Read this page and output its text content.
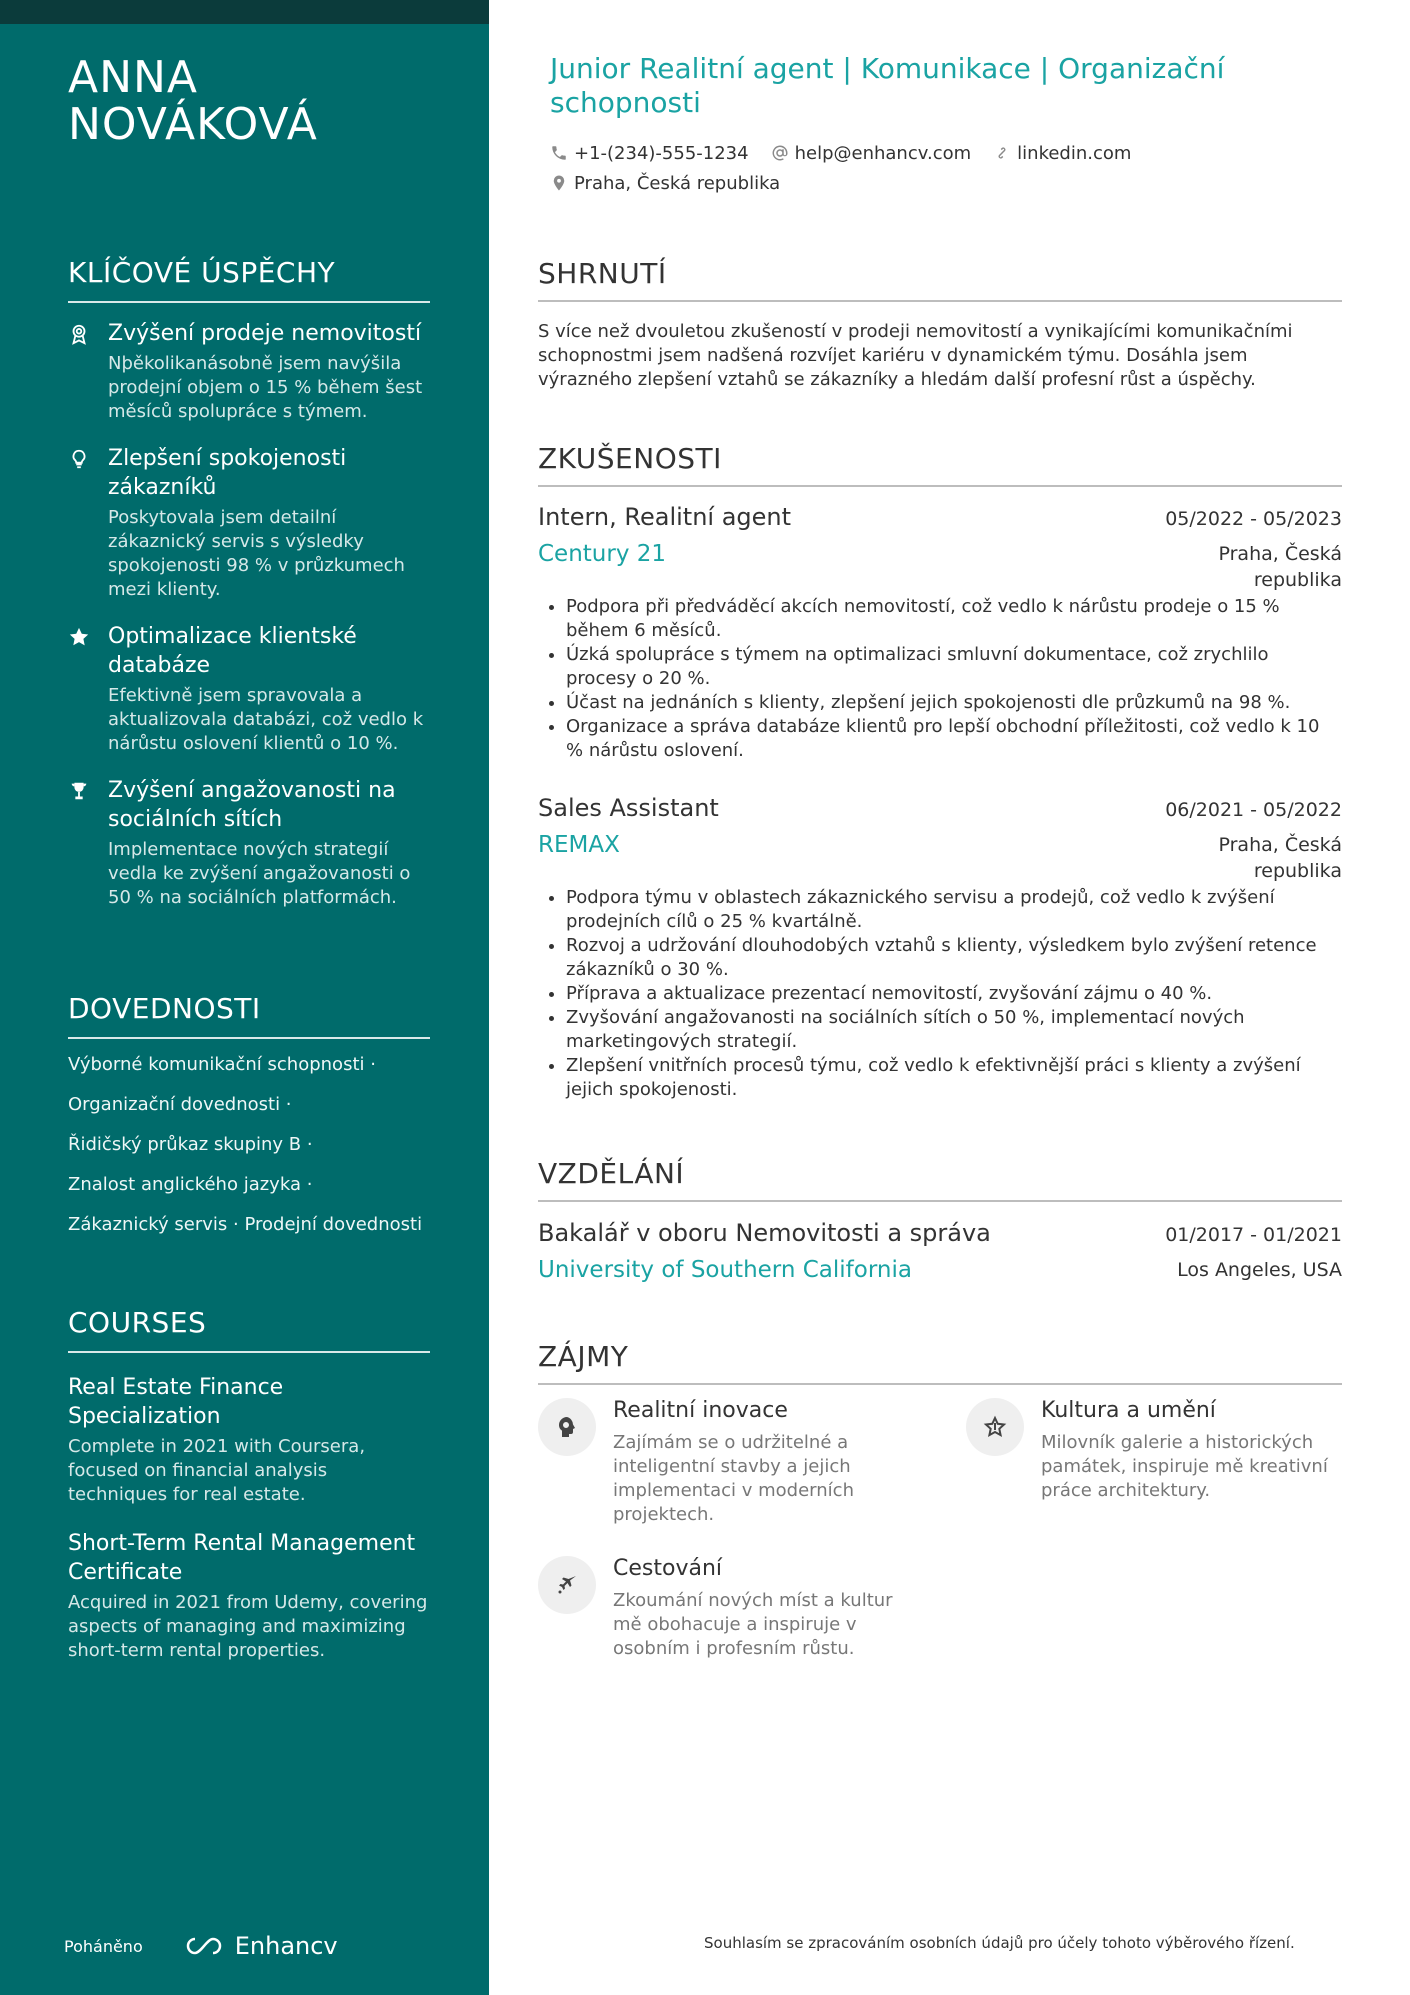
ANNA
NOVÁKOVÁ
KLÍČOVÉ ÚSPĚCHY
Zvýšení prodeje nemovitostí
Nþěkolikanásobně jsem navýšila prodejní objem o 15 % během šest měsíců spolupráce s týmem.
Zlepšení spokojenosti zákazníků
Poskytovala jsem detailní zákaznický servis s výsledky spokojenosti 98 % v průzkumech mezi klienty.
Optimalizace klientské databáze
Efektivně jsem spravovala a aktualizovala databázi, což vedlo k nárůstu oslovení klientů o 10 %.
Zvýšení angažovanosti na sociálních sítích
Implementace nových strategií vedla ke zvýšení angažovanosti o 50 % na sociálních platformách.
DOVEDNOSTI
Výborné komunikační schopnosti ·
Organizační dovednosti ·
Řidičský průkaz skupiny B ·
Znalost anglického jazyka ·
Zákaznický servis · Prodejní dovednosti
COURSES
Real Estate Finance Specialization
Complete in 2021 with Coursera, focused on financial analysis techniques for real estate.
Short-Term Rental Management Certificate
Acquired in 2021 from Udemy, covering aspects of managing and maximizing short-term rental properties.
Poháněno	Enhancv
Junior Realitní agent | Komunikace | Organizační schopnosti
+1-(234)-555-1234	help@enhancv.com	linkedin.com
Praha, Česká republika
SHRNUTÍ
S více než dvouletou zkušeností v prodeji nemovitostí a vynikajícími komunikačními schopnostmi jsem nadšená rozvíjet kariéru v dynamickém týmu. Dosáhla jsem výrazného zlepšení vztahů se zákazníky a hledám další profesní růst a úspěchy.
ZKUŠENOSTI
Intern, Realitní agent	05/2022 - 05/2023
Century 21	Praha, Česká republika
• Podpora při předváděcí akcích nemovitostí, což vedlo k nárůstu prodeje o 15 % během 6 měsíců.
• Úzká spolupráce s týmem na optimalizaci smluvní dokumentace, což zrychlilo procesy o 20 %.
• Účast na jednáních s klienty, zlepšení jejich spokojenosti dle průzkumů na 98 %.
• Organizace a správa databáze klientů pro lepší obchodní příležitosti, což vedlo k 10 % nárůstu oslovení.
Sales Assistant	06/2021 - 05/2022
REMAX	Praha, Česká republika
• Podpora týmu v oblastech zákaznického servisu a prodejů, což vedlo k zvýšení prodejních cílů o 25 % kvartálně.
• Rozvoj a udržování dlouhodobých vztahů s klienty, výsledkem bylo zvýšení retence zákazníků o 30 %.
• Příprava a aktualizace prezentací nemovitostí, zvyšování zájmu o 40 %.
• Zvyšování angažovanosti na sociálních sítích o 50 %, implementací nových marketingových strategií.
• Zlepšení vnitřních procesů týmu, což vedlo k efektivnější práci s klienty a zvýšení jejich spokojenosti.
VZDĚLÁNÍ
Bakalář v oboru Nemovitosti a správa	01/2017 - 01/2021
University of Southern California	Los Angeles, USA
ZÁJMY
Realitní inovace
Zajímám se o udržitelné a inteligentní stavby a jejich implementaci v moderních projektech.
Kultura a umění
Milovník galerie a historických památek, inspiruje mě kreativní práce architektury.
Cestování
Zkoumání nových míst a kultur mě obohacuje a inspiruje v osobním i profesním růstu.
Souhlasím se zpracováním osobních údajů pro účely tohoto výběrového řízení.
